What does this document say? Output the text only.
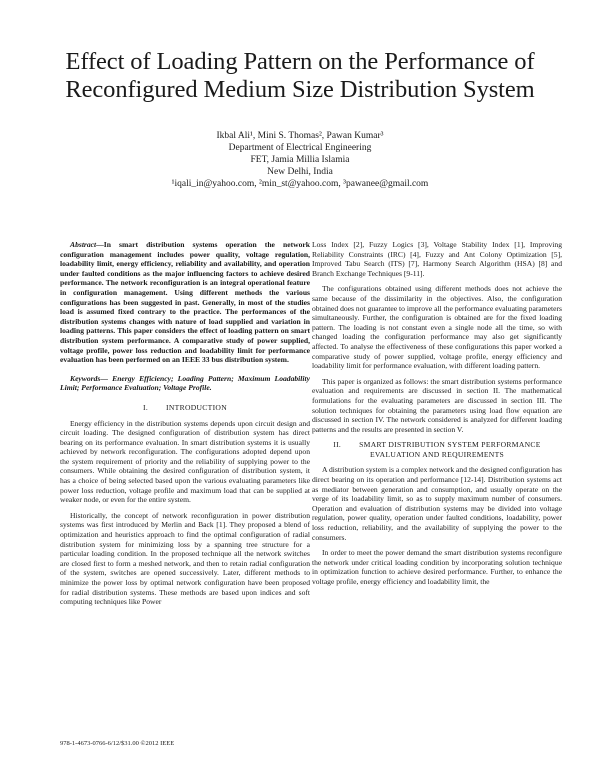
Effect of Loading Pattern on the Performance of
Reconfigured Medium Size Distribution System
Ikbal Ali¹, Mini S. Thomas², Pawan Kumar³
Department of Electrical Engineering
FET, Jamia Millia Islamia
New Delhi, India
¹iqali_in@yahoo.com, ²min_st@yahoo.com, ³pawanee@gmail.com

Abstract—In smart distribution systems operation the network configuration management includes power quality, voltage regulation, loadability limit, energy efficiency, reliability and availability, and operation under faulted conditions as the major influencing factors to achieve desired performance. The network reconfiguration is an integral operational feature in configuration management. Using different methods the various configurations has been suggested in past. Generally, in most of the studies load is assumed fixed contrary to the practice. The performances of the distribution systems changes with nature of load supplied and variation in loading patterns. This paper considers the effect of loading pattern on smart distribution system performance. A comparative study of power supplied, voltage profile, power loss reduction and loadability limit for performance evaluation has been performed on an IEEE 33 bus distribution system.

Keywords— Energy Efficiency; Loading Pattern; Maximum Loadability Limit; Performance Evaluation; Voltage Profile.

I. INTRODUCTION

Energy efficiency in the distribution systems depends upon circuit design and circuit loading. The designed configuration of distribution system has direct bearing on its performance evaluation. In smart distribution systems it is usually achieved by network reconfiguration. The configurations adopted depend upon the system requirement of priority and the reliability of supplying power to the consumers. While obtaining the desired configuration of distribution system, it has a choice of being selected based upon the various evaluating parameters like power loss reduction, voltage profile and maximum load that can be supplied at weaker node, or even for the entire system.

Historically, the concept of network reconfiguration in power distribution systems was first introduced by Merlin and Back [1]. They proposed a blend of optimization and heuristics approach to find the optimal configuration of radial distribution system for minimizing loss by a spanning tree structure for a particular loading condition. In the proposed technique all the network switches are closed first to form a meshed network, and then to retain radial configuration of the system, switches are opened successively. Later, different methods to minimize the power loss by optimal network configuration have been proposed for radial distribution systems. These methods are based upon indices and soft computing techniques like Power

Loss Index [2], Fuzzy Logics [3], Voltage Stability Index [1], Improving Reliability Constraints (IRC) [4], Fuzzy and Ant Colony Optimization [5], Improved Tabu Search (ITS) [7], Harmony Search Algorithm (HSA) [8] and Branch Exchange Techniques [9-11].

The configurations obtained using different methods does not achieve the same because of the dissimilarity in the objectives. Also, the configuration obtained does not guarantee to improve all the performance evaluating parameters simultaneously. Further, the configuration is obtained are for the fixed loading pattern. The loading is not constant even a single node all the time, so with changed loading the configuration performance may also get significantly affected. To analyse the effectiveness of these configurations this paper worked a comparative study of power supplied, voltage profile, energy efficiency and loadability limit for performance evaluation, with different loading pattern.

This paper is organized as follows: the smart distribution systems performance evaluation and requirements are discussed in section II. The mathematical formulations for the evaluating parameters are discussed in section III. The solution techniques for obtaining the parameters using load flow equation are discussed in section IV. The network considered is analyzed for different loading patterns and the results are presented in section V.

II. SMART DISTRIBUTION SYSTEM PERFORMANCE
EVALUATION AND REQUIREMENTS

A distribution system is a complex network and the designed configuration has direct bearing on its operation and performance [12-14]. Distribution systems act as mediator between generation and consumption, and usually operate on the verge of its loadability limit, so as to supply maximum number of consumers. Operation and evaluation of distribution systems may be divided into voltage regulation, power quality, operation under faulted conditions, loadability, power loss reduction, reliability, and the availability of supplying the power to the consumers.

In order to meet the power demand the smart distribution systems reconfigure the network under critical loading condition by incorporating solution technique in optimization function to achieve desired performance. Further, to enhance the voltage profile, energy efficiency and loadability limit, the

978-1-4673-0766-6/12/$31.00 ©2012 IEEE
